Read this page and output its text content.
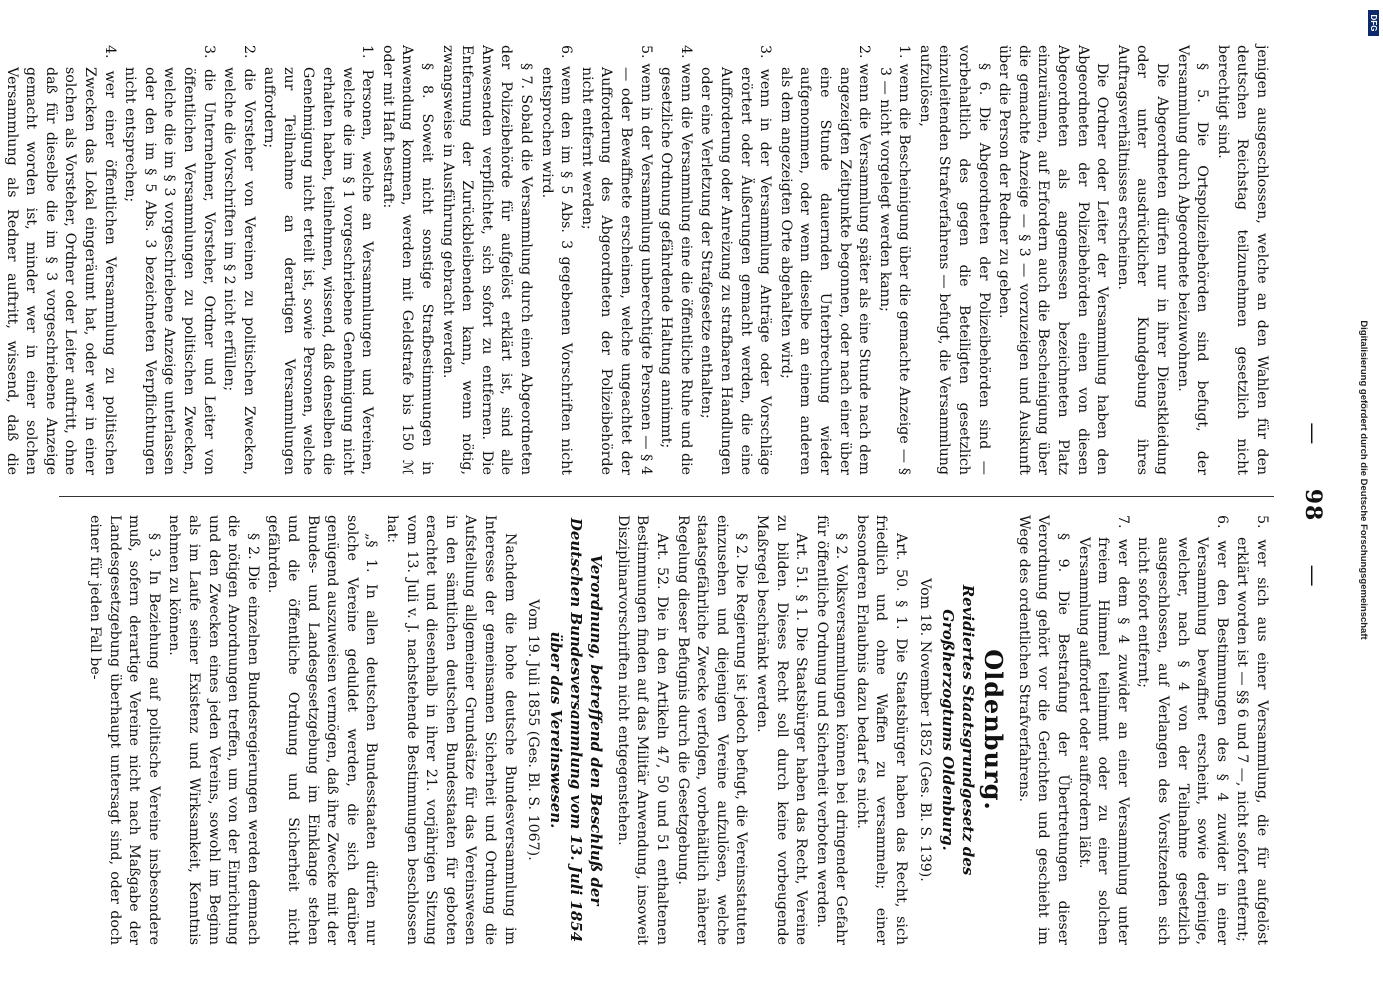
—     98     —

jenigen ausgeschlossen, welche an den Wahlen für den deutschen Reichstag teilzunehmen gesetzlich nicht berechtigt sind.

§ 5. Die Ortspolizeibehörden sind befugt, der Versammlung durch Abgeordnete beizuwohnen.

Die Abgeordneten dürfen nur in ihrer Dienstkleidung oder unter ausdrücklicher Kundgebung ihres Auftragsverhältnisses erscheinen.

Die Ordner oder Leiter der Versammlung haben den Abgeordneten der Polizeibehörden einen von diesen Abgeordneten als angemessen bezeichneten Platz einzuräumen, auf Erfordern auch die Bescheinigung über die gemachte Anzeige — § 3 — vorzuzeigen und Auskunft über die Person der Redner zu geben.

§ 6. Die Abgeordneten der Polizeibehörden sind — vorbehaltlich des gegen die Beteiligten gesetzlich einzuleitenden Strafverfahrens — befugt, die Versammlung aufzulösen,

1. wenn die Bescheinigung über die gemachte Anzeige — § 3 — nicht vorgelegt werden kann;

2. wenn die Versammlung später als eine Stunde nach dem angezeigten Zeitpunkte begonnen, oder nach einer über eine Stunde dauernden Unterbrechung wieder aufgenommen, oder wenn dieselbe an einem anderen als dem angezeigten Orte abgehalten wird;

3. wenn in der Versammlung Anträge oder Vorschläge erörtert oder Äußerungen gemacht werden, die eine Aufforderung oder Anreizung zu strafbaren Handlungen oder eine Verletzung der Strafgesetze enthalten;

4. wenn die Versammlung eine die öffentliche Ruhe und die gesetzliche Ordnung gefährdende Haltung annimmt;

5. wenn in der Versammlung unberechtigte Personen — § 4 — oder Bewaffnete erscheinen, welche ungeachtet der Aufforderung des Abgeordneten der Polizeibehörde nicht entfernt werden;

6. wenn den im § 5 Abs. 3 gegebenen Vorschriften nicht entsprochen wird.

§ 7. Sobald die Versammlung durch einen Abgeordneten der Polizeibehörde für aufgelöst erklärt ist, sind alle Anwesenden verpflichtet, sich sofort zu entfernen. Die Entfernung der Zurückbleibenden kann, wenn nötig, zwangsweise in Ausführung gebracht werden.

§ 8. Soweit nicht sonstige Strafbestimmungen in Anwendung kommen, werden mit Geldstrafe bis 150 ℳ oder mit Haft bestraft:

1. Personen, welche an Versammlungen und Vereinen, welche die im § 1 vorgeschriebene Genehmigung nicht erhalten haben, teilnehmen, wissend, daß denselben die Genehmigung nicht erteilt ist, sowie Personen, welche zur Teilnahme an derartigen Versammlungen auffordern;

2. die Vorsteher von Vereinen zu politischen Zwecken, welche die Vorschriften im § 2 nicht erfüllen;

3. die Unternehmer, Vorsteher, Ordner und Leiter von öffentlichen Versammlungen zu politischen Zwecken, welche die im § 3 vorgeschriebene Anzeige unterlassen oder den im § 5 Abs. 3 bezeichneten Verpflichtungen nicht entsprechen;

4. wer einer öffentlichen Versammlung zu politischen Zwecken das Lokal eingeräumt hat, oder wer in einer solchen als Vorsteher, Ordner oder Leiter auftritt, ohne daß für dieselbe die im § 3 vorgeschriebene Anzeige gemacht worden ist, minder wer in einer solchen Versammlung als Redner auftritt, wissend, daß die

5. wer sich aus einer Versammlung, die für aufgelöst erklärt worden ist — §§ 6 und 7 —, nicht sofort entfernt;

6. wer den Bestimmungen des § 4 zuwider in einer Versammlung bewaffnet erscheint, sowie derjenige, welcher, nach § 4 von der Teilnahme gesetzlich ausgeschlossen, auf Verlangen des Vorsitzenden sich nicht sofort entfernt;

7. wer dem § 4 zuwider an einer Versammlung unter freiem Himmel teilnimmt oder zu einer solchen Versammlung auffordert oder auffordern läßt.

§ 9. Die Bestrafung der Übertretungen dieser Verordnung gehört vor die Gerichten und geschieht im Wege des ordentlichen Strafverfahrens.

Oldenburg.
Revidiertes Staatsgrundgesetz des Großherzogtums Oldenburg.

Vom 18. November 1852 (Ges. Bl. S. 139).

Art. 50. § 1. Die Staatsbürger haben das Recht, sich friedlich und ohne Waffen zu versammeln; einer besonderen Erlaubnis dazu bedarf es nicht.

§ 2. Volksversammlungen können bei dringender Gefahr für öffentliche Ordnung und Sicherheit verboten werden.

Art. 51. § 1. Die Staatsbürger haben das Recht, Vereine zu bilden. Dieses Recht soll durch keine vorbeugende Maßregel beschränkt werden.

§ 2. Die Regierung ist jedoch befugt, die Vereinsstatuten einzusehen und diejenigen Vereine aufzulösen, welche staatsgefährliche Zwecke verfolgen, vorbehältlich näherer Regelung dieser Befugnis durch die Gesetzgebung.

Art. 52. Die in den Artikeln 47, 50 und 51 enthaltenen Bestimmungen finden auf das Militär Anwendung, insoweit Disziplinarvorschriften nicht entgegenstehen.

Verordnung, betreffend den Beschluß der Deutschen Bundesversammlung vom 13. Juli 1854 über das Vereinswesen.

Vom 19. Juli 1855 (Ges. Bl. S. 1067).

Nachdem die hohe deutsche Bundesversammlung im Interesse der gemeinsamen Sicherheit und Ordnung die Aufstellung allgemeiner Grundsätze für das Vereinswesen in den sämtlichen deutschen Bundesstaaten für geboten erachtet und diesenhalb in ihrer 21. vorjährigen Sitzung vom 13. Juli v. J. nachstehende Bestimmungen beschlossen hat:

„§ 1. In allen deutschen Bundesstaaten dürfen nur solche Vereine geduldet werden, die sich darüber genügend auszuweisen vermögen, daß ihre Zwecke mit der Bundes- und Landesgesetzgebung im Einklange stehen und die öffentliche Ordnung und Sicherheit nicht gefährden.

§ 2. Die einzelnen Bundesregierungen werden demnach die nötigen Anordnungen treffen, um von der Einrichtung und den Zwecken eines jeden Vereins, sowohl im Beginn als im Laufe seiner Existenz und Wirksamkeit, Kenntnis nehmen zu können.

§ 3. In Beziehung auf politische Vereine insbesondere muß, sofern derartige Vereine nicht nach Maßgabe der Landesgesetzgebung überhaupt untersagt sind, oder doch einer für jeden Fall be-

DFG
Digitalisierung gefördert durch die Deutsche Forschungsgemeinschaft
